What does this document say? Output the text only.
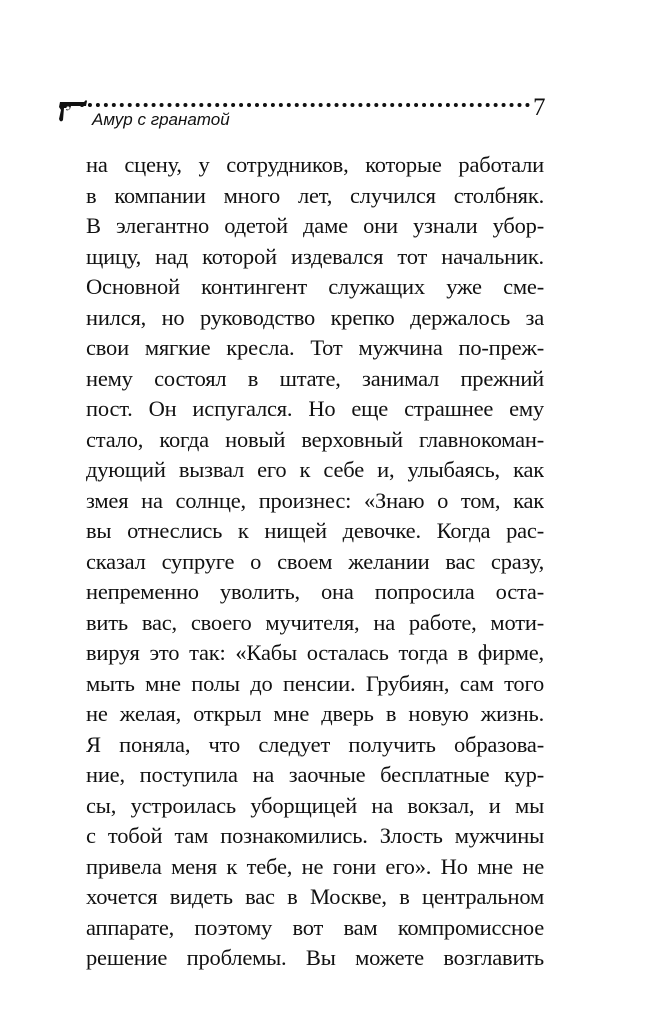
Амур с гранатой	7
на сцену, у сотрудников, которые работали
в компании много лет, случился столбняк.
В элегантно одетой даме они узнали убор-
щицу, над которой издевался тот начальник.
Основной контингент служащих уже сме-
нился, но руководство крепко держалось за
свои мягкие кресла. Тот мужчина по-преж-
нему состоял в штате, занимал прежний
пост. Он испугался. Но еще страшнее ему
стало, когда новый верховный главнокоман-
дующий вызвал его к себе и, улыбаясь, как
змея на солнце, произнес: «Знаю о том, как
вы отнеслись к нищей девочке. Когда рас-
сказал супруге о своем желании вас сразу,
непременно уволить, она попросила оста-
вить вас, своего мучителя, на работе, моти-
вируя это так: «Кабы осталась тогда в фирме,
мыть мне полы до пенсии. Грубиян, сам того
не желая, открыл мне дверь в новую жизнь.
Я поняла, что следует получить образова-
ние, поступила на заочные бесплатные кур-
сы, устроилась уборщицей на вокзал, и мы
с тобой там познакомились. Злость мужчины
привела меня к тебе, не гони его». Но мне не
хочется видеть вас в Москве, в центральном
аппарате, поэтому вот вам компромиссное
решение проблемы. Вы можете возглавить
